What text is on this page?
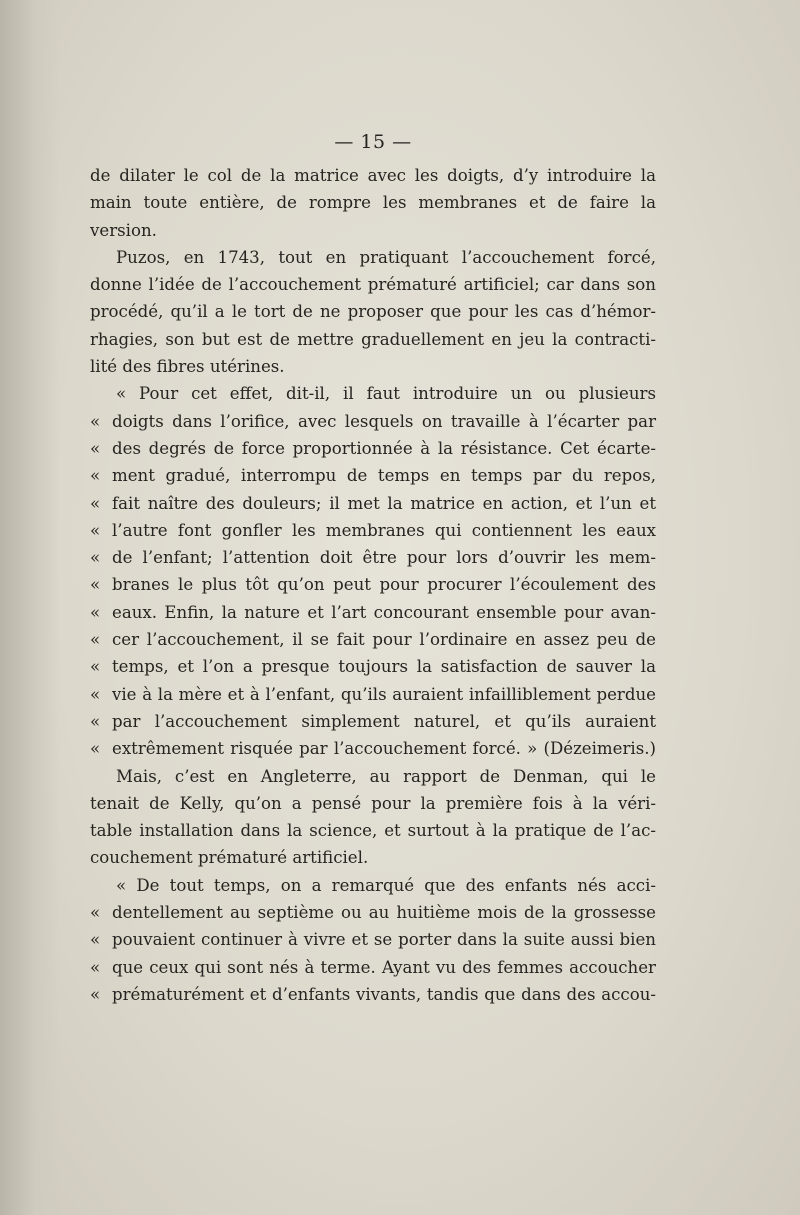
— 15 —
de dilater le col de la matrice avec les doigts, d’y introduire la
main toute entière, de rompre les membranes et de faire la
version.
Puzos, en 1743, tout en pratiquant l’accouchement forcé,
donne l’idée de l’accouchement prématuré artificiel; car dans son
procédé, qu’il a le tort de ne proposer que pour les cas d’hémor-
rhagies, son but est de mettre graduellement en jeu la contracti-
lité des fibres utérines.
« Pour cet effet, dit-il, il faut introduire un ou plusieurs
« doigts dans l’orifice, avec lesquels on travaille à l’écarter par
« des degrés de force proportionnée à la résistance. Cet écarte-
« ment gradué, interrompu de temps en temps par du repos,
« fait naître des douleurs; il met la matrice en action, et l’un et
« l’autre font gonfler les membranes qui contiennent les eaux
« de l’enfant; l’attention doit être pour lors d’ouvrir les mem-
« branes le plus tôt qu’on peut pour procurer l’écoulement des
« eaux. Enfin, la nature et l’art concourant ensemble pour avan-
« cer l’accouchement, il se fait pour l’ordinaire en assez peu de
« temps, et l’on a presque toujours la satisfaction de sauver la
« vie à la mère et à l’enfant, qu’ils auraient infailliblement perdue
« par l’accouchement simplement naturel, et qu’ils auraient
« extrêmement risquée par l’accouchement forcé. » (Dézeimeris.)
Mais, c’est en Angleterre, au rapport de Denman, qui le
tenait de Kelly, qu’on a pensé pour la première fois à la véri-
table installation dans la science, et surtout à la pratique de l’ac-
couchement prématuré artificiel.
« De tout temps, on a remarqué que des enfants nés acci-
« dentellement au septième ou au huitième mois de la grossesse
« pouvaient continuer à vivre et se porter dans la suite aussi bien
« que ceux qui sont nés à terme. Ayant vu des femmes accoucher
« prématurément et d’enfants vivants, tandis que dans des accou-
